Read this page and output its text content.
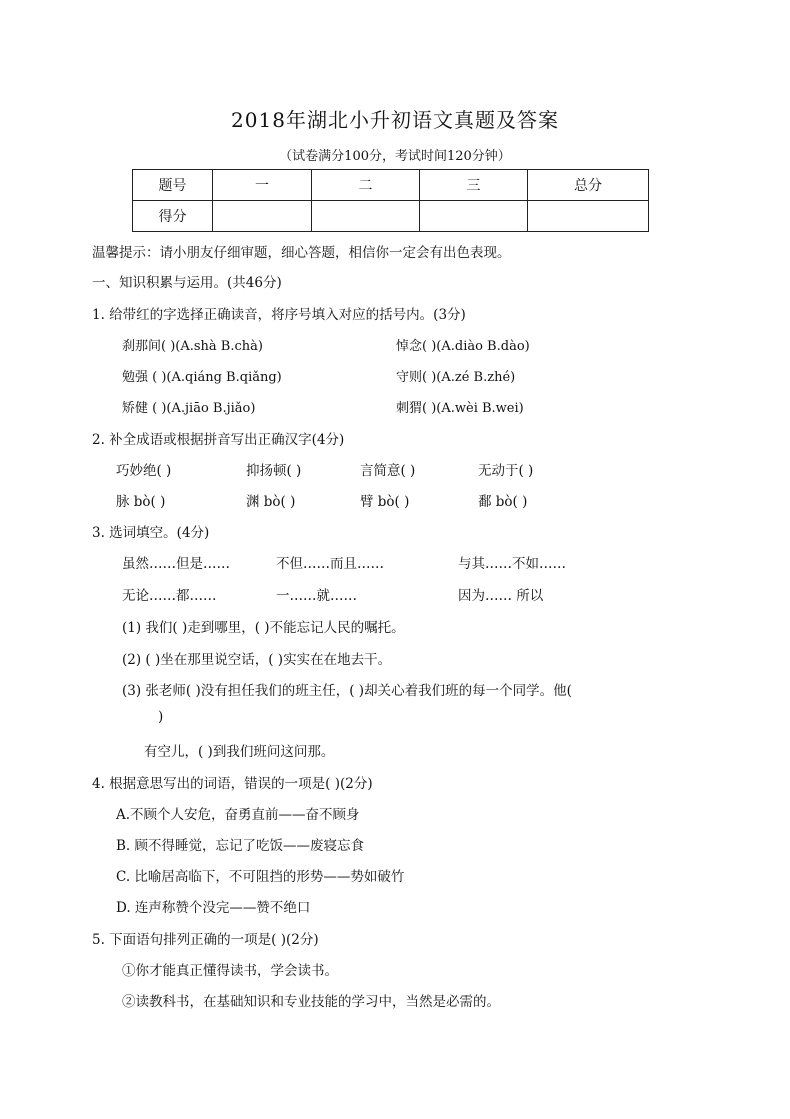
2018年湖北小升初语文真题及答案
（试卷满分100分，考试时间120分钟）
题号	一	二	三	总分
得分				
温馨提示：请小朋友仔细审题，细心答题，相信你一定会有出色表现。
一、知识积累与运用。(共46分)
1. 给带红的字选择正确读音，将序号填入对应的括号内。(3分)
刹那间( )(A.shà B.chà)	悼念( )(A.diào B.dào)
勉强 ( )(A.qiáng B.qiǎng)	守则( )(A.zé B.zhé)
矫健 ( )(A.jiāo B.jiǎo)	刺猬( )(A.wèi B.wei)
2. 补全成语或根据拼音写出正确汉字(4分)
巧妙绝( )	抑扬顿( )	言简意( )	无动于( )
脉 bò( )	渊 bò( )	臂 bò( )	鄱 bò( )
3. 选词填空。(4分)
虽然……但是……	不但……而且……	与其……不如……
无论……都……	一……就……	因为…… 所以
(1) 我们( )走到哪里，( )不能忘记人民的嘱托。
(2) ( )坐在那里说空话，( )实实在在地去干。
(3) 张老师( )没有担任我们的班主任，( )却关心着我们班的每一个同学。他(
)
有空儿，( )到我们班问这问那。
4. 根据意思写出的词语，错误的一项是( )(2分)
A.不顾个人安危，奋勇直前——奋不顾身
B. 顾不得睡觉，忘记了吃饭——废寝忘食
C. 比喻居高临下，不可阻挡的形势——势如破竹
D. 连声称赞个没完——赞不绝口
5. 下面语句排列正确的一项是( )(2分)
①你才能真正懂得读书，学会读书。
②读教科书，在基础知识和专业技能的学习中，当然是必需的。
